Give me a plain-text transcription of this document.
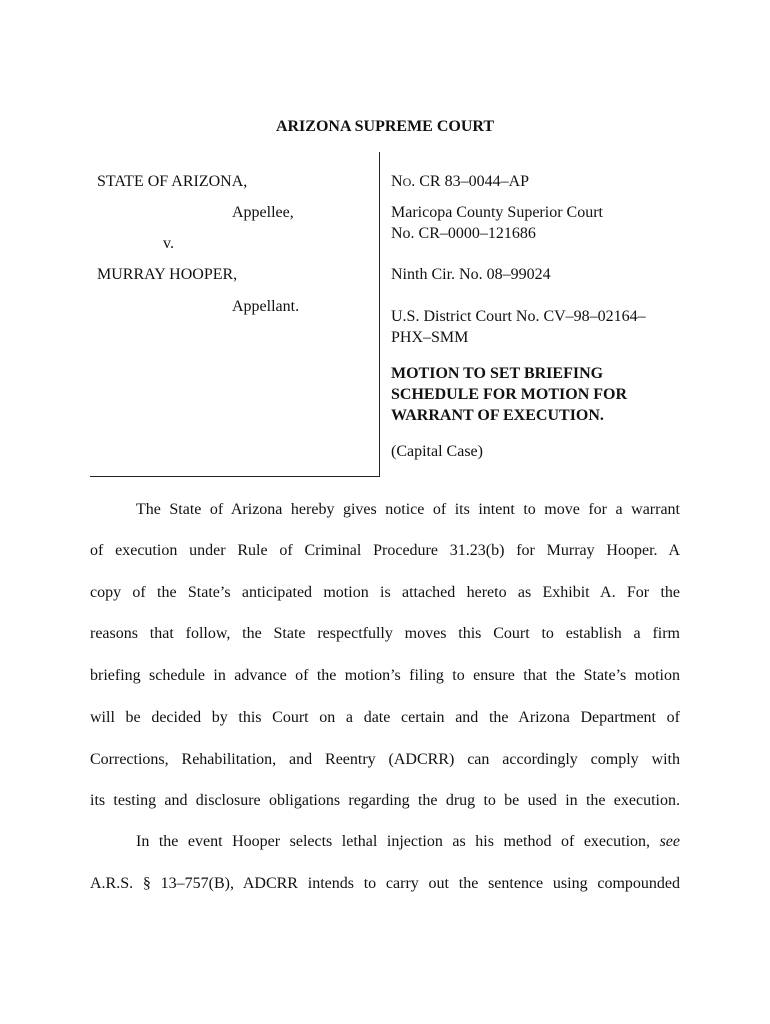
ARIZONA SUPREME COURT
STATE OF ARIZONA,
Appellee,
v.
MURRAY HOOPER,
Appellant.
NO. CR 83–0044–AP
Maricopa County Superior Court
No. CR–0000–121686
Ninth Cir. No. 08–99024
U.S. District Court No. CV–98–02164–
PHX–SMM
MOTION TO SET BRIEFING
SCHEDULE FOR MOTION FOR
WARRANT OF EXECUTION.
(Capital Case)
The State of Arizona hereby gives notice of its intent to move for a warrant
of execution under Rule of Criminal Procedure 31.23(b) for Murray Hooper. A
copy of the State’s anticipated motion is attached hereto as Exhibit A. For the
reasons that follow, the State respectfully moves this Court to establish a firm
briefing schedule in advance of the motion’s filing to ensure that the State’s motion
will be decided by this Court on a date certain and the Arizona Department of
Corrections, Rehabilitation, and Reentry (ADCRR) can accordingly comply with
its testing and disclosure obligations regarding the drug to be used in the execution.
In the event Hooper selects lethal injection as his method of execution, see
A.R.S. § 13–757(B), ADCRR intends to carry out the sentence using compounded
